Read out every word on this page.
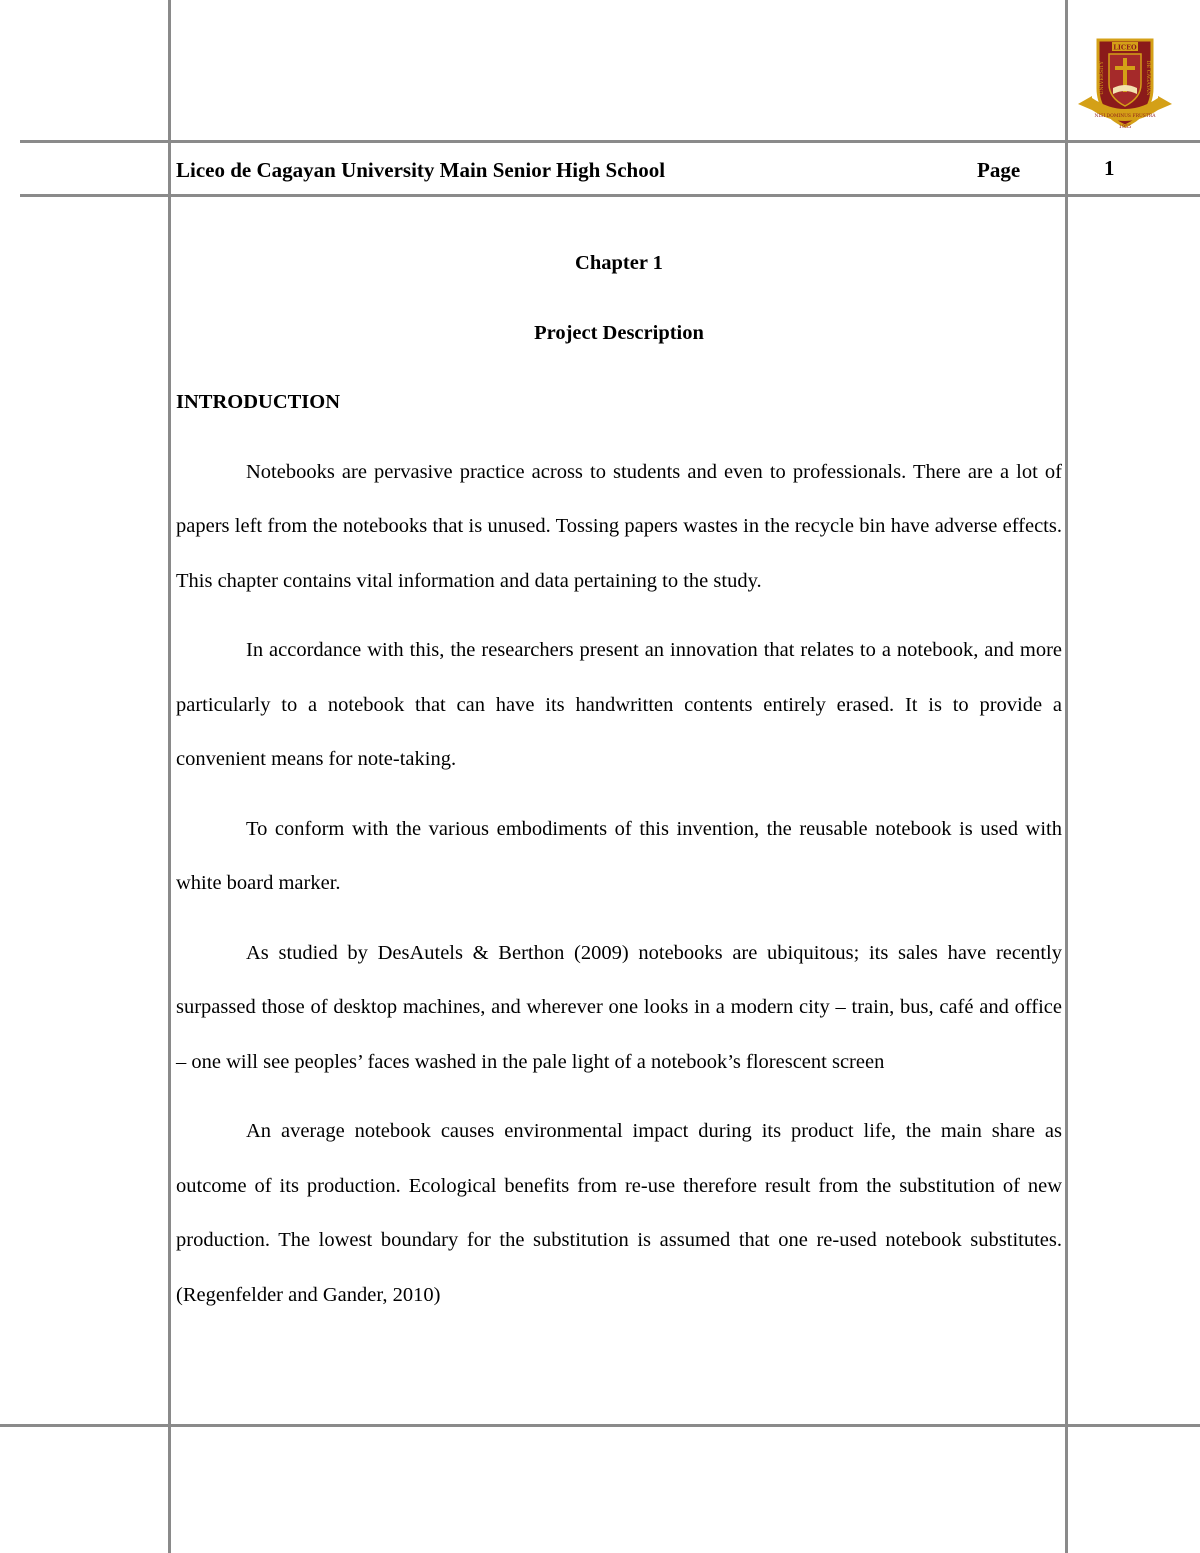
LICEO
NISI DOMINUS FRUSTRA
1955
UNIVERSITY	DE CAGAYAN
Liceo de Cagayan University Main Senior High School	Page	1
Chapter 1
Project Description
INTRODUCTION

Notebooks are pervasive practice across to students and even to professionals. There are a lot of papers left from the notebooks that is unused. Tossing papers wastes in the recycle bin have adverse effects. This chapter contains vital information and data pertaining to the study.

In accordance with this, the researchers present an innovation that relates to a notebook, and more particularly to a notebook that can have its handwritten contents entirely erased. It is to provide a convenient means for note-taking.

To conform with the various embodiments of this invention, the reusable notebook is used with white board marker.

As studied by DesAutels & Berthon (2009) notebooks are ubiquitous; its sales have recently surpassed those of desktop machines, and wherever one looks in a modern city – train, bus, café and office – one will see peoples’ faces washed in the pale light of a notebook’s florescent screen

An average notebook causes environmental impact during its product life, the main share as outcome of its production. Ecological benefits from re-use therefore result from the substitution of new production. The lowest boundary for the substitution is assumed that one re-used notebook substitutes. (Regenfelder and Gander, 2010)
